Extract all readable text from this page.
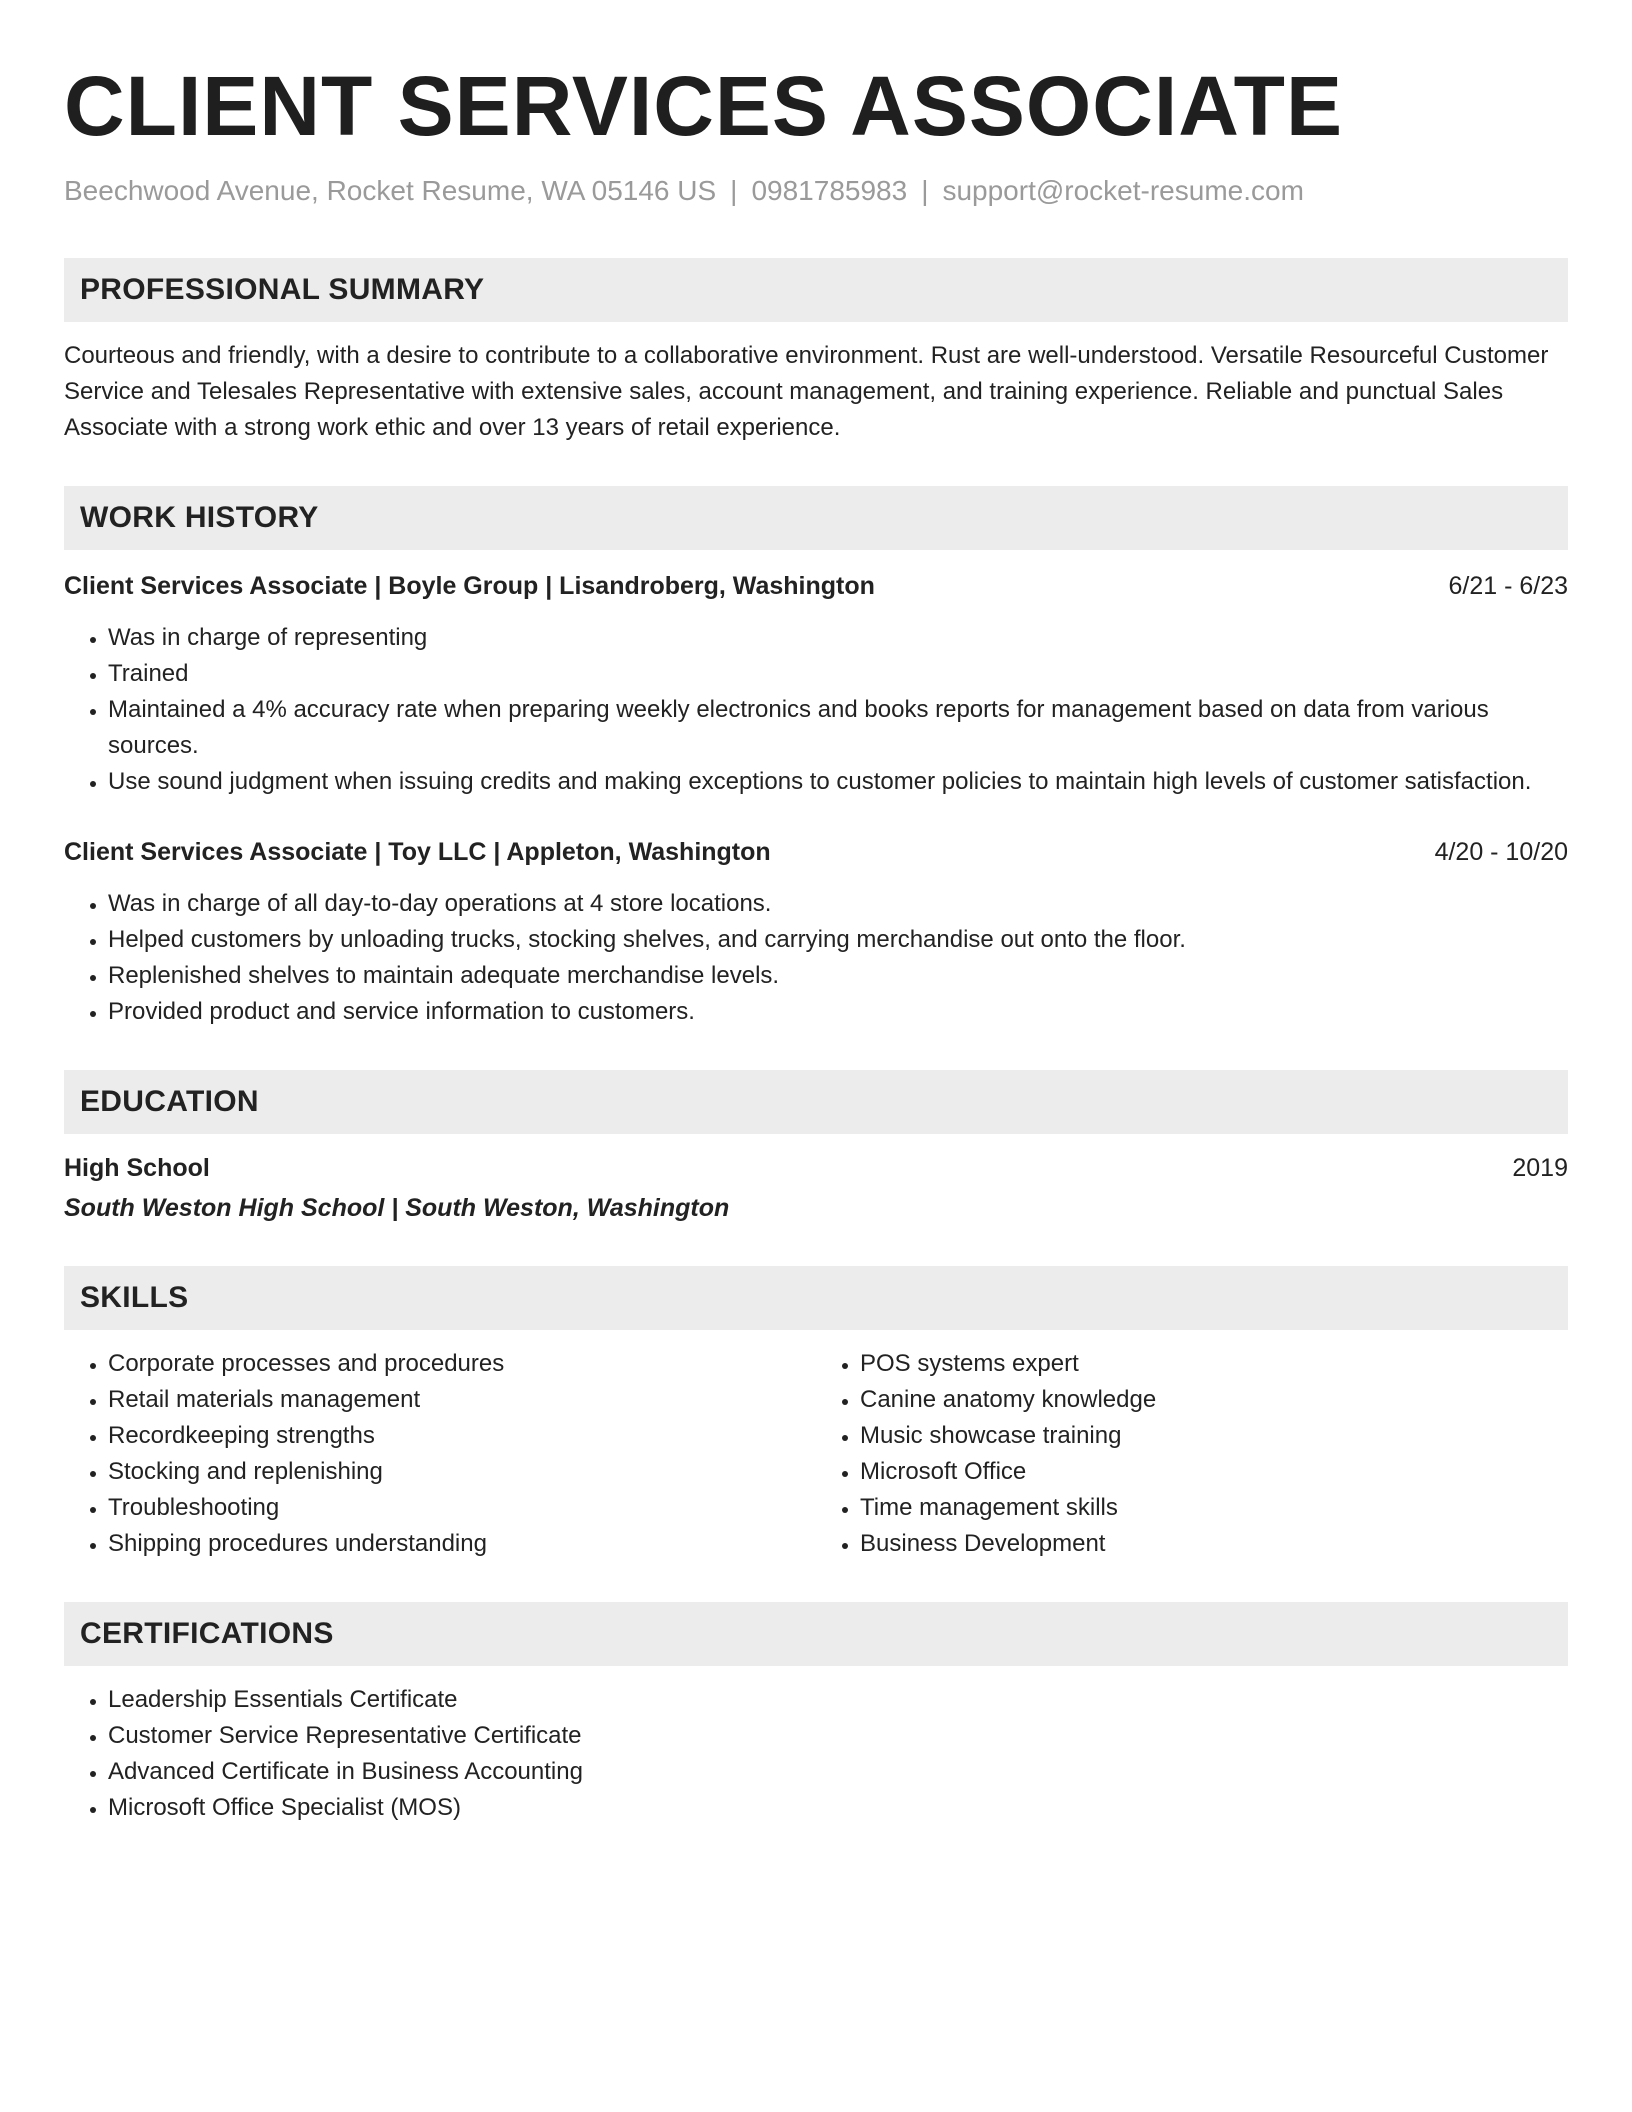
CLIENT SERVICES ASSOCIATE
Beechwood Avenue, Rocket Resume, WA 05146 US | 0981785983 | support@rocket-resume.com
PROFESSIONAL SUMMARY

Courteous and friendly, with a desire to contribute to a collaborative environment. Rust are well-understood. Versatile Resourceful Customer Service and Telesales Representative with extensive sales, account management, and training experience. Reliable and punctual Sales Associate with a strong work ethic and over 13 years of retail experience.

WORK HISTORY
Client Services Associate | Boyle Group | Lisandroberg, Washington	6/21 - 6/23
• Was in charge of representing
• Trained
• Maintained a 4% accuracy rate when preparing weekly electronics and books reports for management based on data from various sources.
• Use sound judgment when issuing credits and making exceptions to customer policies to maintain high levels of customer satisfaction.
Client Services Associate | Toy LLC | Appleton, Washington	4/20 - 10/20
• Was in charge of all day-to-day operations at 4 store locations.
• Helped customers by unloading trucks, stocking shelves, and carrying merchandise out onto the floor.
• Replenished shelves to maintain adequate merchandise levels.
• Provided product and service information to customers.
EDUCATION
High School	2019
South Weston High School | South Weston, Washington
SKILLS
• Corporate processes and procedures
• Retail materials management
• Recordkeeping strengths
• Stocking and replenishing
• Troubleshooting
• Shipping procedures understanding
• POS systems expert
• Canine anatomy knowledge
• Music showcase training
• Microsoft Office
• Time management skills
• Business Development
CERTIFICATIONS
• Leadership Essentials Certificate
• Customer Service Representative Certificate
• Advanced Certificate in Business Accounting
• Microsoft Office Specialist (MOS)
